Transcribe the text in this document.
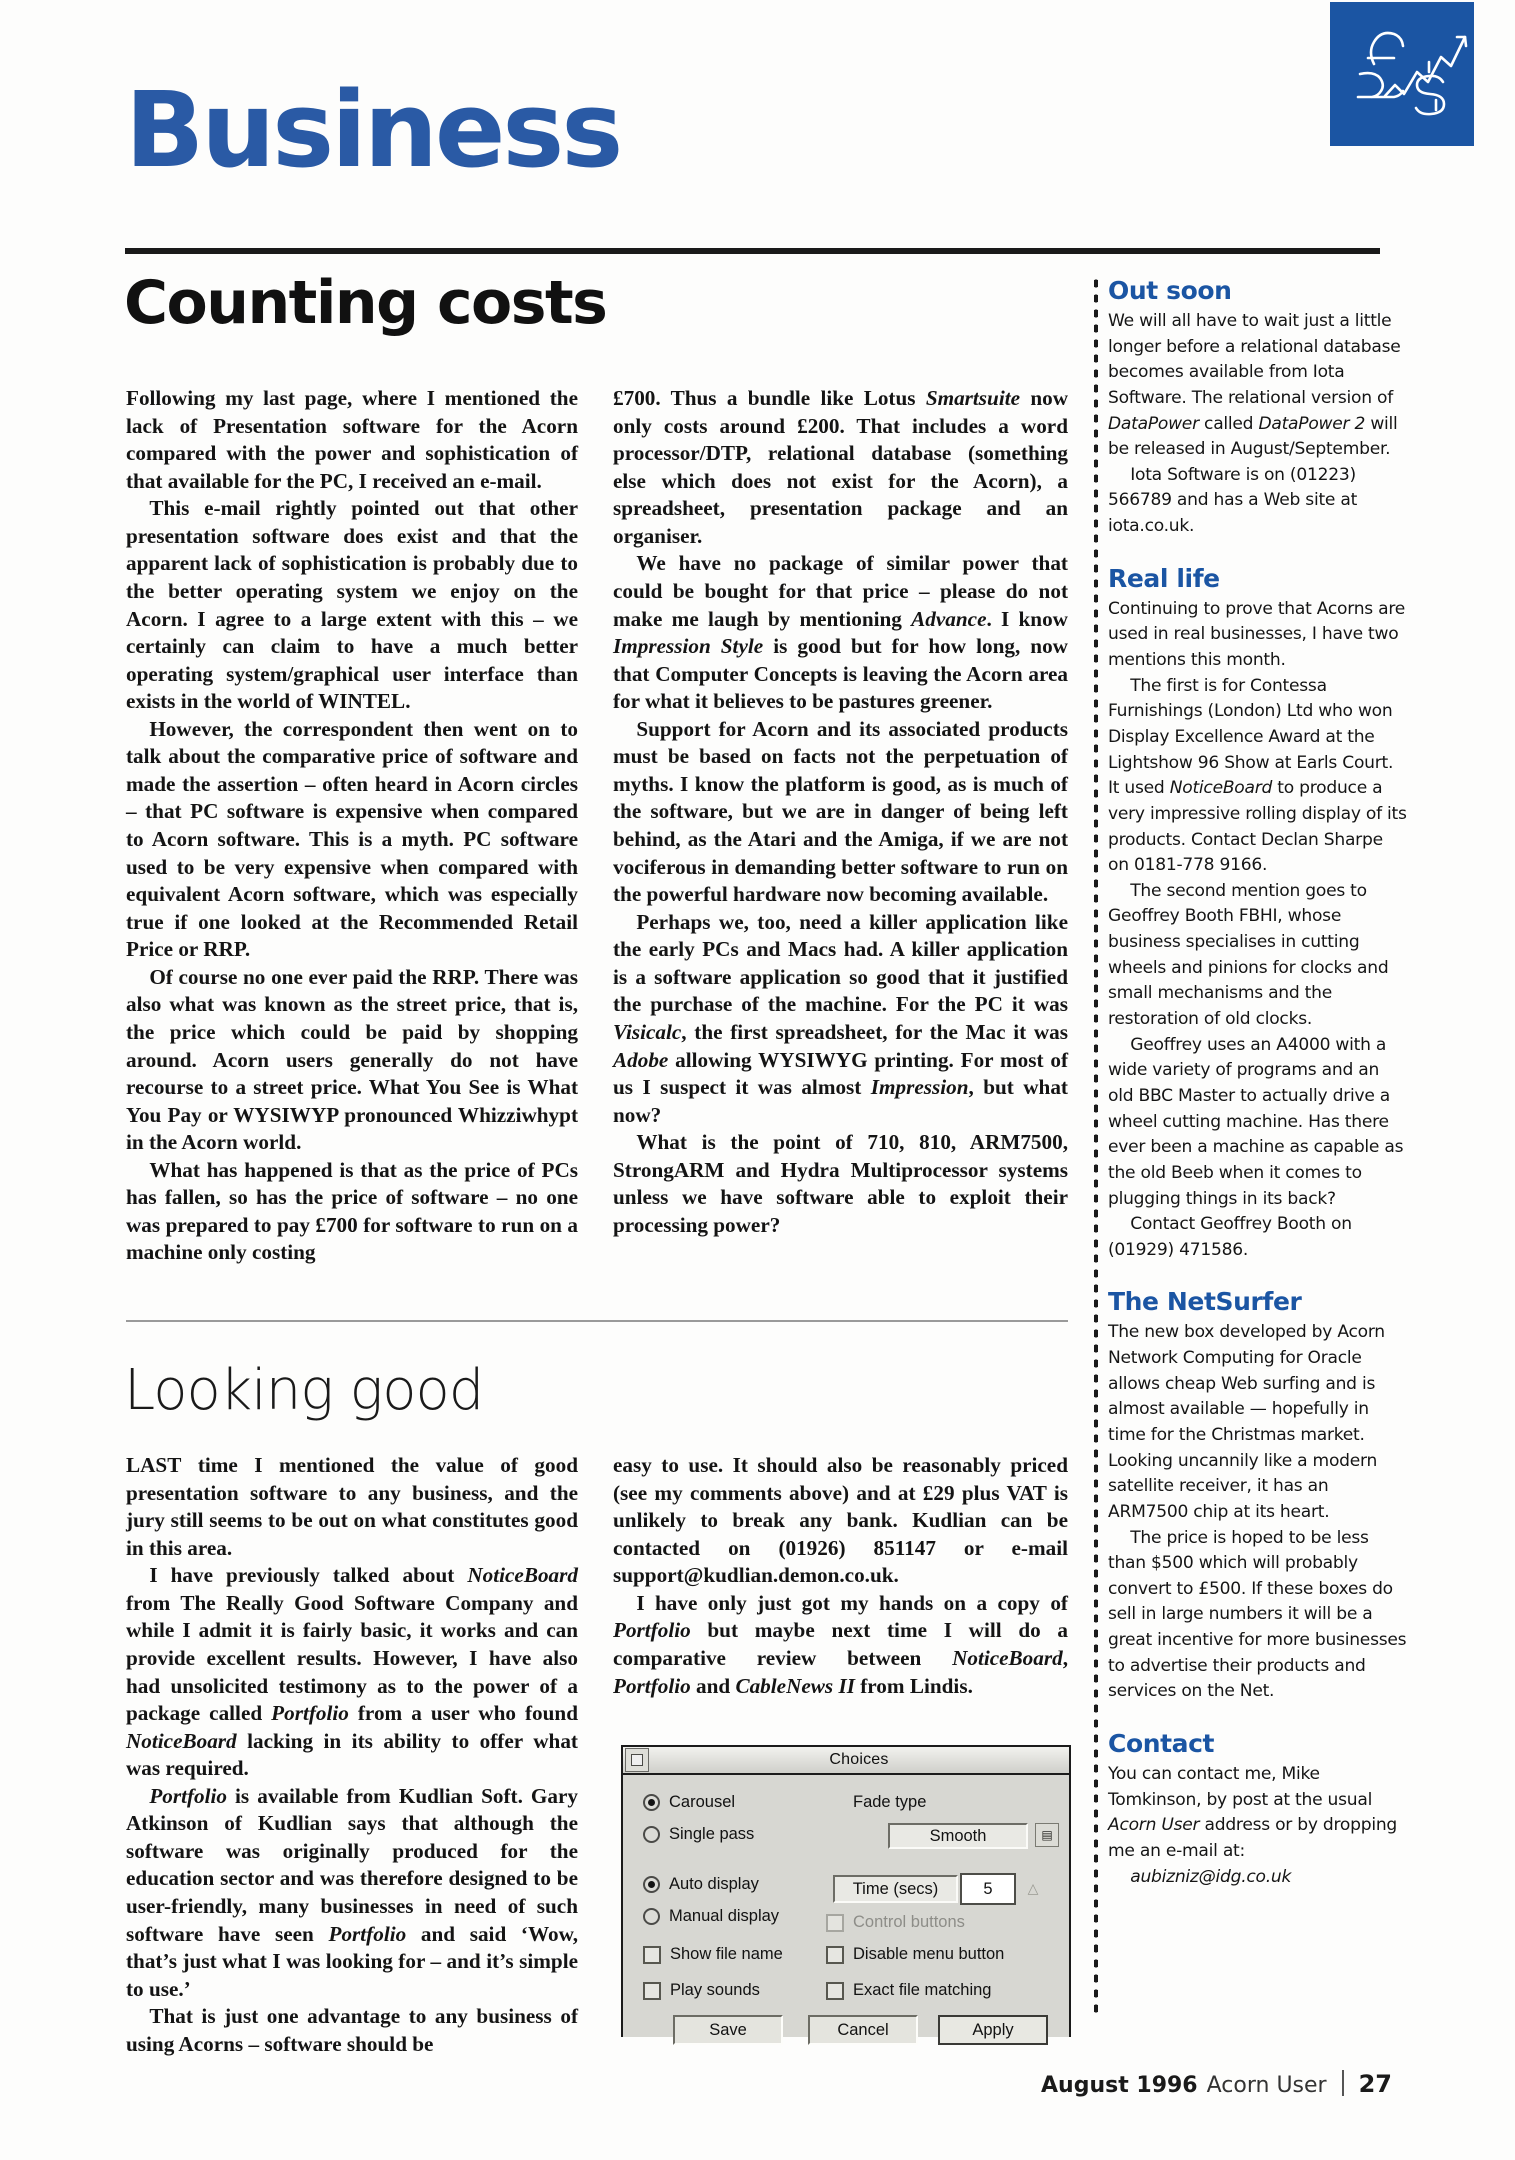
Business
Counting costs

Following my last page, where I mentioned the lack of Presentation software for the Acorn compared with the power and sophistication of that available for the PC, I received an e-mail.

This e-mail rightly pointed out that other presentation software does exist and that the apparent lack of sophistication is probably due to the better operating system we enjoy on the Acorn. I agree to a large extent with this – we certainly can claim to have a much better operating system/graphical user interface than exists in the world of WINTEL.

However, the correspondent then went on to talk about the comparative price of software and made the assertion – often heard in Acorn circles – that PC software is expensive when compared to Acorn software. This is a myth. PC software used to be very expensive when compared with equivalent Acorn software, which was especially true if one looked at the Recommended Retail Price or RRP.

Of course no one ever paid the RRP. There was also what was known as the street price, that is, the price which could be paid by shopping around. Acorn users generally do not have recourse to a street price. What You See is What You Pay or WYSIWYP pronounced Whizziwhypt in the Acorn world.

What has happened is that as the price of PCs has fallen, so has the price of software – no one was prepared to pay £700 for software to run on a machine only costing

£700. Thus a bundle like Lotus Smartsuite now only costs around £200. That includes a word processor/DTP, relational database (something else which does not exist for the Acorn), a spreadsheet, presentation package and an organiser.

We have no package of similar power that could be bought for that price – please do not make me laugh by mentioning Advance. I know Impression Style is good but for how long, now that Computer Concepts is leaving the Acorn area for what it believes to be pastures greener.

Support for Acorn and its associated products must be based on facts not the perpetuation of myths. I know the platform is good, as is much of the software, but we are in danger of being left behind, as the Atari and the Amiga, if we are not vociferous in demanding better software to run on the powerful hardware now becoming available.

Perhaps we, too, need a killer application like the early PCs and Macs had. A killer application is a software application so good that it justified the purchase of the machine. For the PC it was Visicalc, the first spreadsheet, for the Mac it was Adobe allowing WYSIWYG printing. For most of us I suspect it was almost Impression, but what now?

What is the point of 710, 810, ARM7500, StrongARM and Hydra Multiprocessor systems unless we have software able to exploit their processing power?

Looking good

LAST time I mentioned the value of good presentation software to any business, and the jury still seems to be out on what constitutes good in this area.

I have previously talked about NoticeBoard from The Really Good Software Company and while I admit it is fairly basic, it works and can provide excellent results. However, I have also had unsolicited testimony as to the power of a package called Portfolio from a user who found NoticeBoard lacking in its ability to offer what was required.

Portfolio is available from Kudlian Soft. Gary Atkinson of Kudlian says that although the software was originally produced for the education sector and was therefore designed to be user-friendly, many businesses in need of such software have seen Portfolio and said ‘Wow, that’s just what I was looking for – and it’s simple to use.’

That is just one advantage to any business of using Acorns – software should be

easy to use. It should also be reasonably priced (see my comments above) and at £29 plus VAT is unlikely to break any bank. Kudlian can be contacted on (01926) 851147 or e-mail support@kudlian.demon.co.uk.

I have only just got my hands on a copy of Portfolio but maybe next time I will do a comparative review between NoticeBoard, Portfolio and CableNews II from Lindis.

Choices
Carousel
Single pass
Auto display
Manual display
Show file name
Play sounds
Fade type
Smooth	▤
Time (secs)	5	△
Control buttons
Disable menu button
Exact file matching
Save	Cancel	Apply
Out soon

We will all have to wait just a little longer before a relational database becomes available from Iota Software. The relational version of DataPower called DataPower 2 will be released in August/September.

Iota Software is on (01223) 566789 and has a Web site at iota.co.uk.

Real life

Continuing to prove that Acorns are used in real businesses, I have two mentions this month.

The first is for Contessa Furnishings (London) Ltd who won Display Excellence Award at the Lightshow 96 Show at Earls Court. It used NoticeBoard to produce a very impressive rolling display of its products. Contact Declan Sharpe on 0181-778 9166.

The second mention goes to Geoffrey Booth FBHI, whose business specialises in cutting wheels and pinions for clocks and small mechanisms and the restoration of old clocks.

Geoffrey uses an A4000 with a wide variety of programs and an old BBC Master to actually drive a wheel cutting machine. Has there ever been a machine as capable as the old Beeb when it comes to plugging things in its back?

Contact Geoffrey Booth on (01929) 471586.

The NetSurfer

The new box developed by Acorn Network Computing for Oracle allows cheap Web surfing and is almost available — hopefully in time for the Christmas market. Looking uncannily like a modern satellite receiver, it has an ARM7500 chip at its heart.

The price is hoped to be less than $500 which will probably convert to £500. If these boxes do sell in large numbers it will be a great incentive for more businesses to advertise their products and services on the Net.

Contact

You can contact me, Mike Tomkinson, by post at the usual Acorn User address or by dropping me an e-mail at:

aubizniz@idg.co.uk

August 1996 Acorn User 27
